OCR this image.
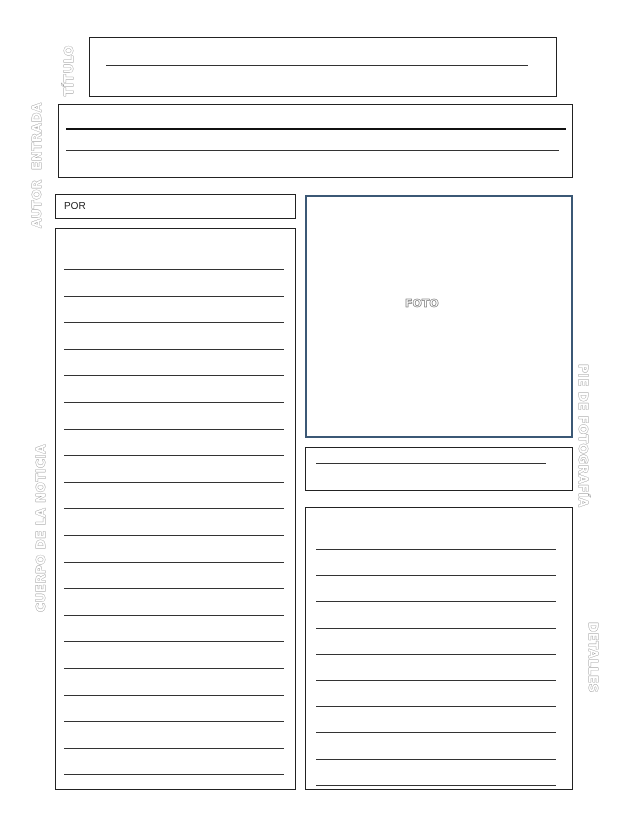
TÍTULO
ENTRADA
AUTOR
CUERPO DE LA NOTICIA
PIE DE FOTOGRAFÍA
DETALLES
POR
FOTO
